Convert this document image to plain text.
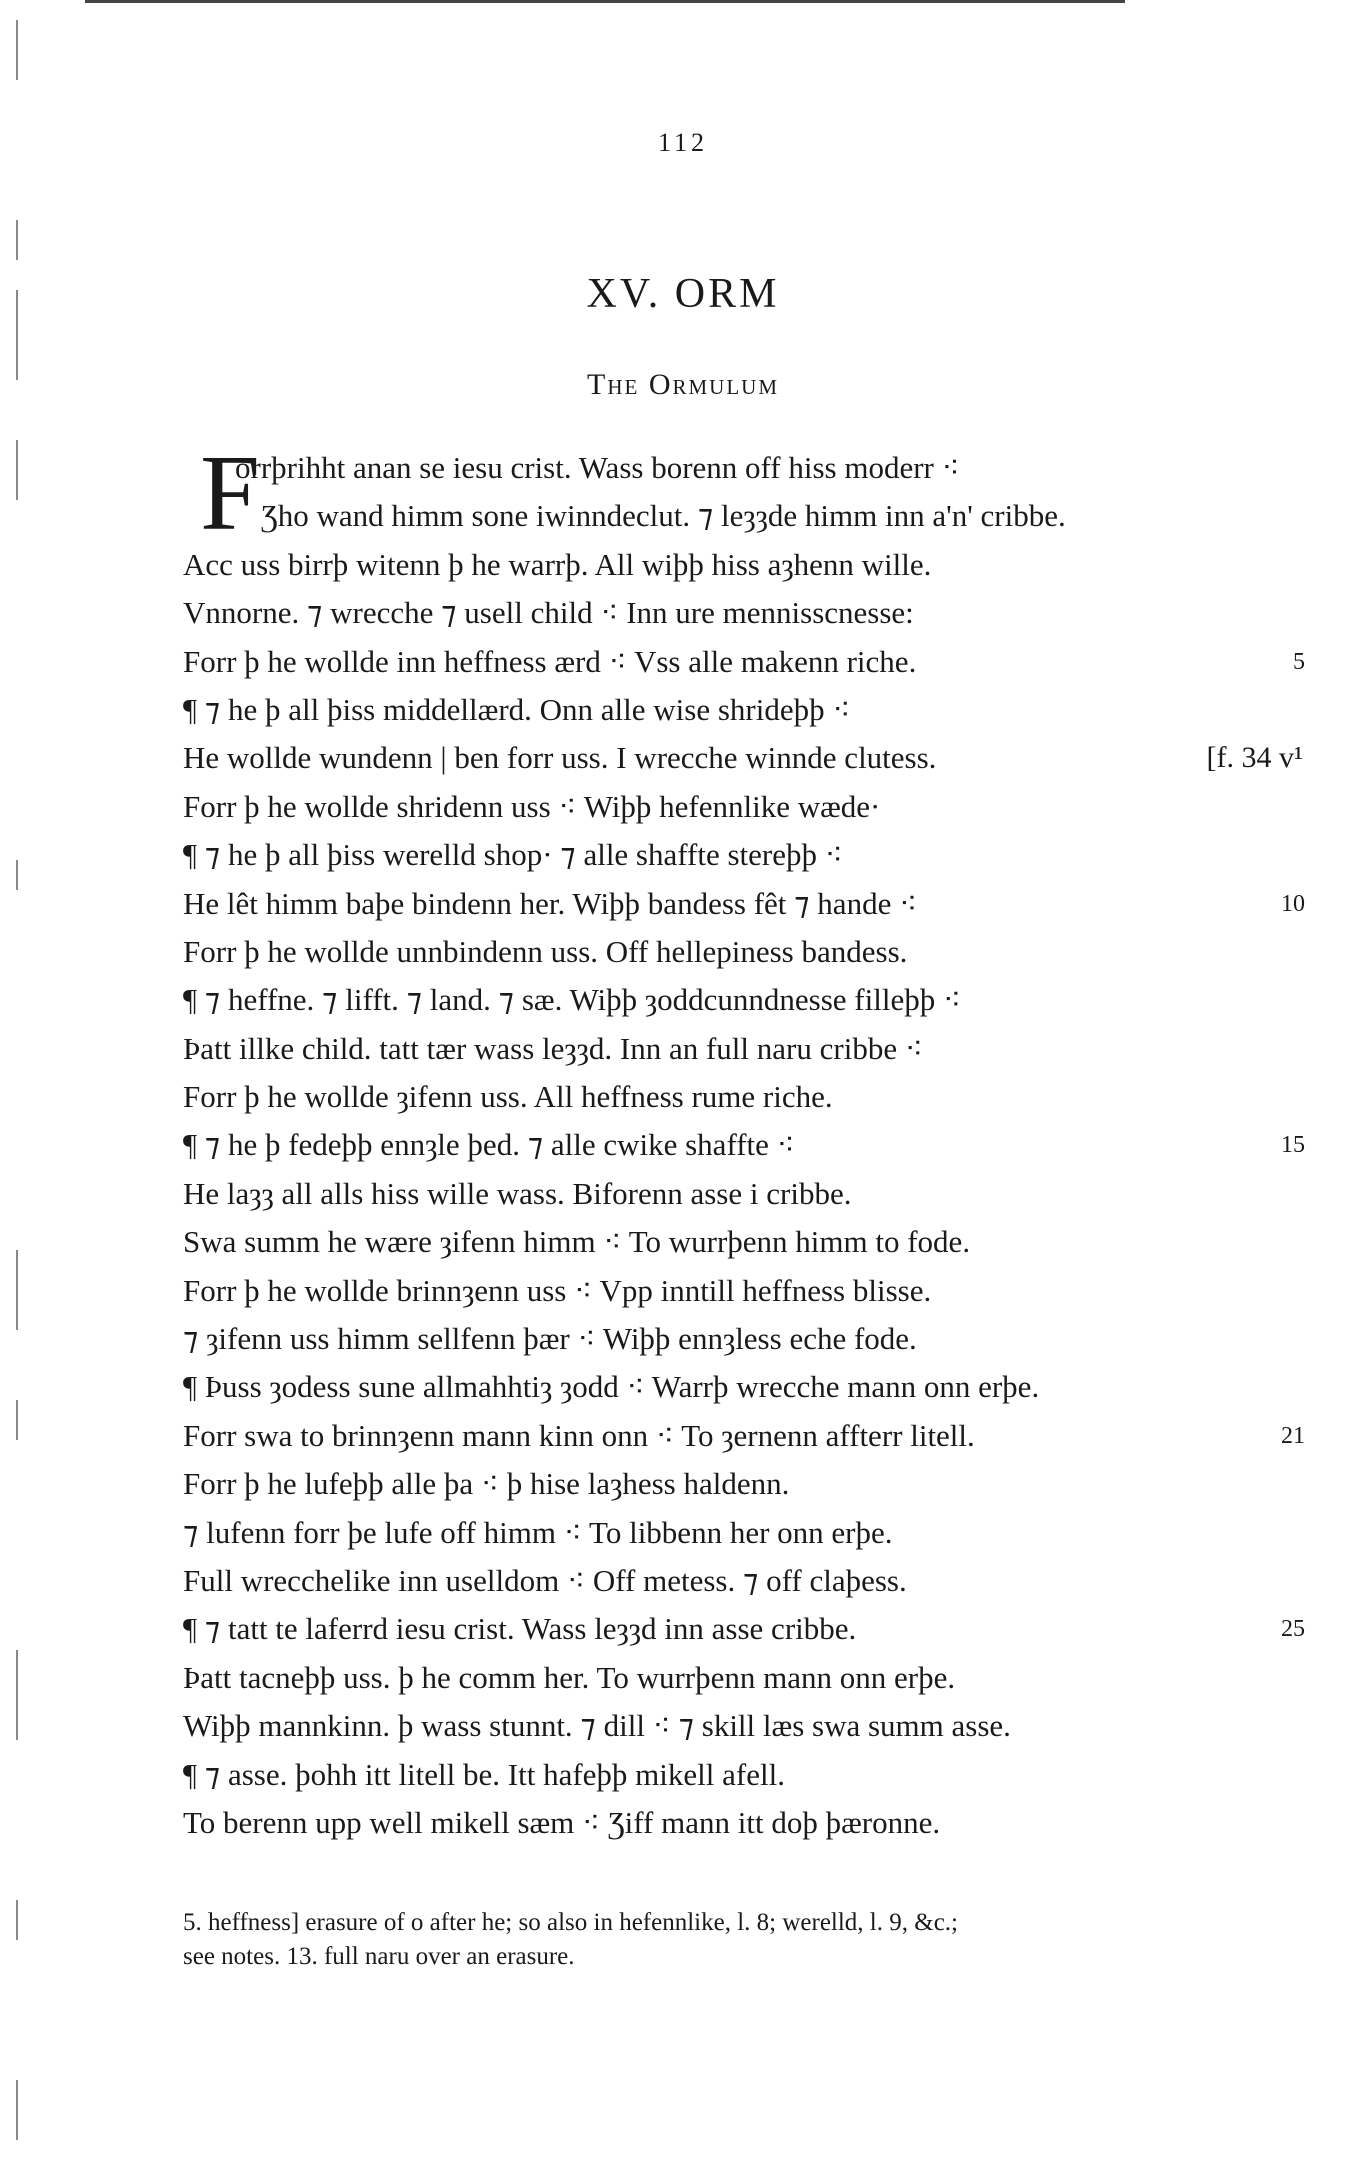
112
XV. ORM
The Ormulum
F
orrþrihht anan se iesu crist. Wass borenn off hiss moderr ⁖
Ʒho wand himm sone iwinndeclut. ⁊ leȝȝde himm inn a'n' cribbe.
Acc uss birrþ witenn þ he warrþ. All wiþþ hiss aȝhenn wille.
Vnnorne. ⁊ wrecche ⁊ usell child ⁖ Inn ure mennisscnesse:
Forr þ he wollde inn heffness ærd ⁖ Vss alle makenn riche.	5
¶ ⁊ he þ all þiss middellærd. Onn alle wise shrideþþ ⁖
He wollde wundenn | ben forr uss. I wrecche winnde clutess.	[f. 34 v¹
Forr þ he wollde shridenn uss ⁖ Wiþþ hefennlike wæde·
¶ ⁊ he þ all þiss werelld shop· ⁊ alle shaffte stereþþ ⁖
He lêt himm baþe bindenn her. Wiþþ bandess fêt ⁊ hande ⁖	10
Forr þ he wollde unnbindenn uss. Off hellepiness bandess.
¶ ⁊ heffne. ⁊ lifft. ⁊ land. ⁊ sæ. Wiþþ ȝoddcunndnesse filleþþ ⁖
Þatt illke child. tatt tær wass leȝȝd. Inn an full naru cribbe ⁖
Forr þ he wollde ȝifenn uss. All heffness rume riche.
¶ ⁊ he þ fedeþþ ennȝle þed. ⁊ alle cwike shaffte ⁖	15
He laȝȝ all alls hiss wille wass. Biforenn asse i cribbe.
Swa summ he wære ȝifenn himm ⁖ To wurrþenn himm to fode.
Forr þ he wollde brinnȝenn uss ⁖ Vpp inntill heffness blisse.
⁊ ȝifenn uss himm sellfenn þær ⁖ Wiþþ ennȝless eche fode.
¶ Þuss ȝodess sune allmahhtiȝ ȝodd ⁖ Warrþ wrecche mann onn erþe.
Forr swa to brinnȝenn mann kinn onn ⁖ To ȝernenn affterr litell.	21
Forr þ he lufeþþ alle þa ⁖ þ hise laȝhess haldenn.
⁊ lufenn forr þe lufe off himm ⁖ To libbenn her onn erþe.
Full wrecchelike inn uselldom ⁖ Off metess. ⁊ off claþess.
¶ ⁊ tatt te laferrd iesu crist. Wass leȝȝd inn asse cribbe.	25
Þatt tacneþþ uss. þ he comm her. To wurrþenn mann onn erþe.
Wiþþ mannkinn. þ wass stunnt. ⁊ dill ⁖ ⁊ skill læs swa summ asse.
¶ ⁊ asse. þohh itt litell be. Itt hafeþþ mikell afell.
To berenn upp well mikell sæm ⁖ Ʒiff mann itt doþ þæronne.
5. heffness] erasure of o after he; so also in hefennlike, l. 8; werelld, l. 9, &c.;
see notes. 13. full naru over an erasure.
